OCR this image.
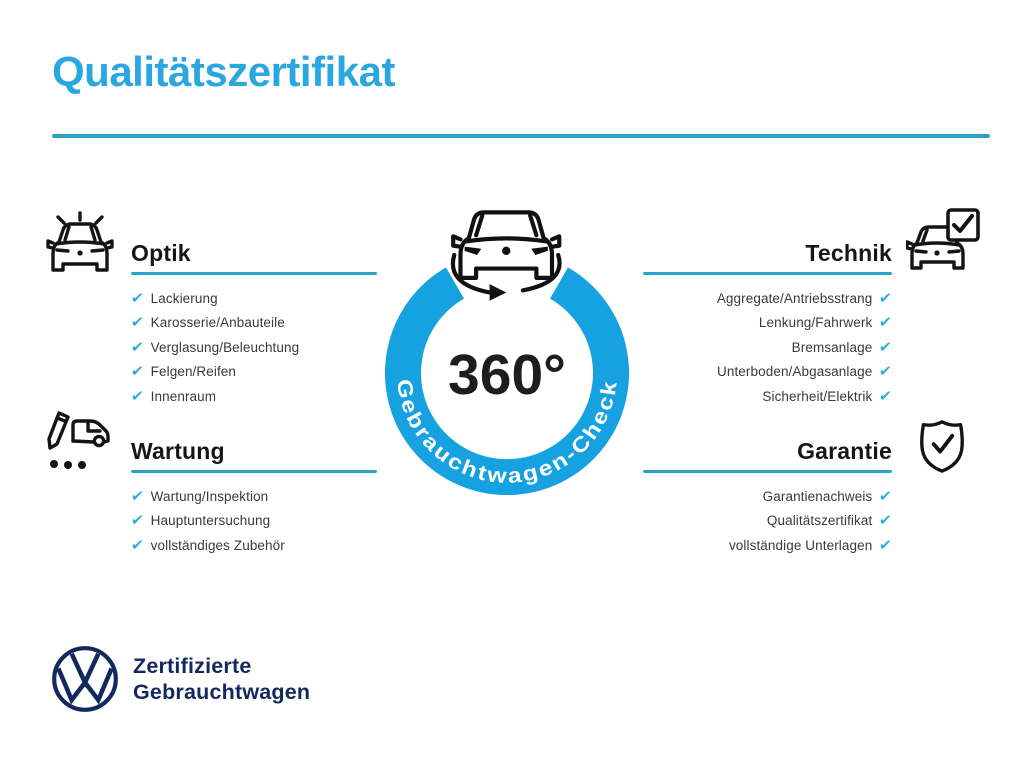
Qualitätszertifikat
Optik
✔ Lackierung
✔ Karosserie/Anbauteile
✔ Verglasung/Beleuchtung
✔ Felgen/Reifen
✔ Innenraum
Wartung
✔ Wartung/Inspektion
✔ Hauptuntersuchung
✔ vollständiges Zubehör
Technik
Aggregate/Antriebsstrang ✔
Lenkung/Fahrwerk ✔
Bremsanlage ✔
Unterboden/Abgasanlage ✔
Sicherheit/Elektrik ✔
Garantie
Garantienachweis ✔
Qualitätszertifikat ✔
vollständige Unterlagen ✔
Gebrauchtwagen-Check
360°
Zertifizierte
Gebrauchtwagen
